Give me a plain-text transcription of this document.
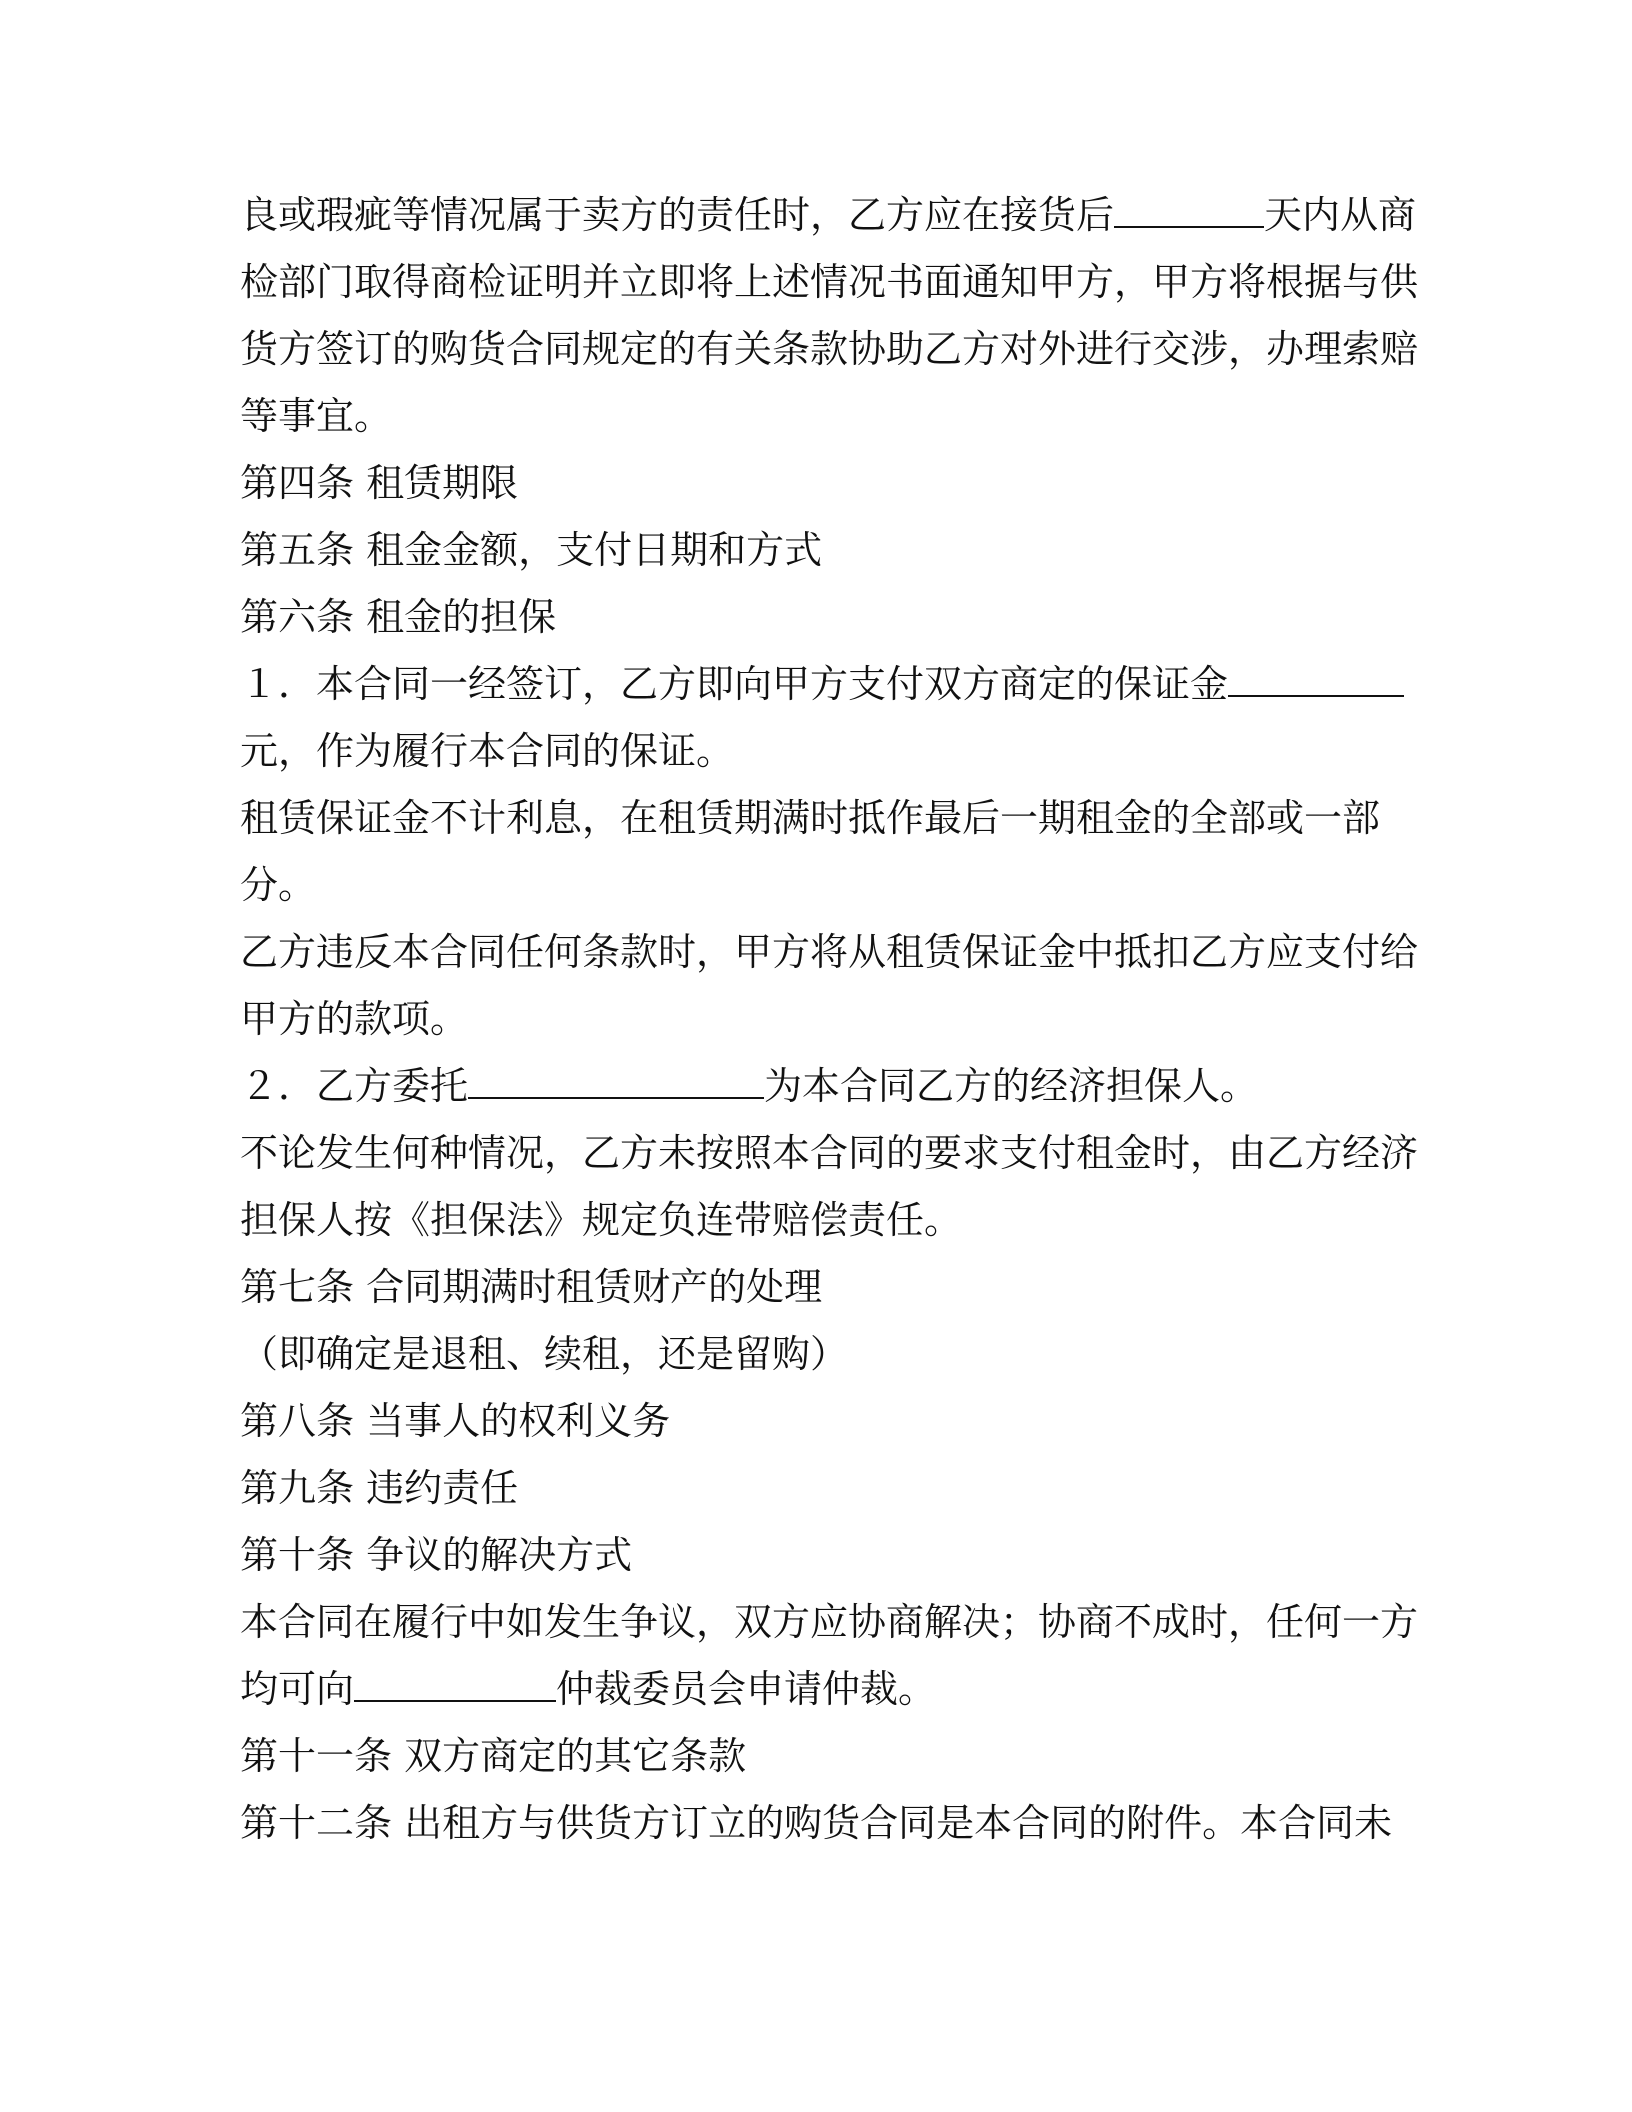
良或瑕疵等情况属于卖方的责任时，乙方应在接货后	天内从商

检部门取得商检证明并立即将上述情况书面通知甲方，甲方将根据与供

货方签订的购货合同规定的有关条款协助乙方对外进行交涉，办理索赔

等事宜。

第四条 租赁期限

第五条 租金金额，支付日期和方式

第六条 租金的担保

１．本合同一经签订，乙方即向甲方支付双方商定的保证金

元，作为履行本合同的保证。

租赁保证金不计利息，在租赁期满时抵作最后一期租金的全部或一部

分。

乙方违反本合同任何条款时，甲方将从租赁保证金中抵扣乙方应支付给

甲方的款项。

２．乙方委托	为本合同乙方的经济担保人。

不论发生何种情况，乙方未按照本合同的要求支付租金时，由乙方经济

担保人按《担保法》规定负连带赔偿责任。

第七条 合同期满时租赁财产的处理

（即确定是退租、续租，还是留购）

第八条 当事人的权利义务

第九条 违约责任

第十条 争议的解决方式

本合同在履行中如发生争议，双方应协商解决；协商不成时，任何一方

均可向	仲裁委员会申请仲裁。

第十一条 双方商定的其它条款

第十二条 出租方与供货方订立的购货合同是本合同的附件。本合同未
